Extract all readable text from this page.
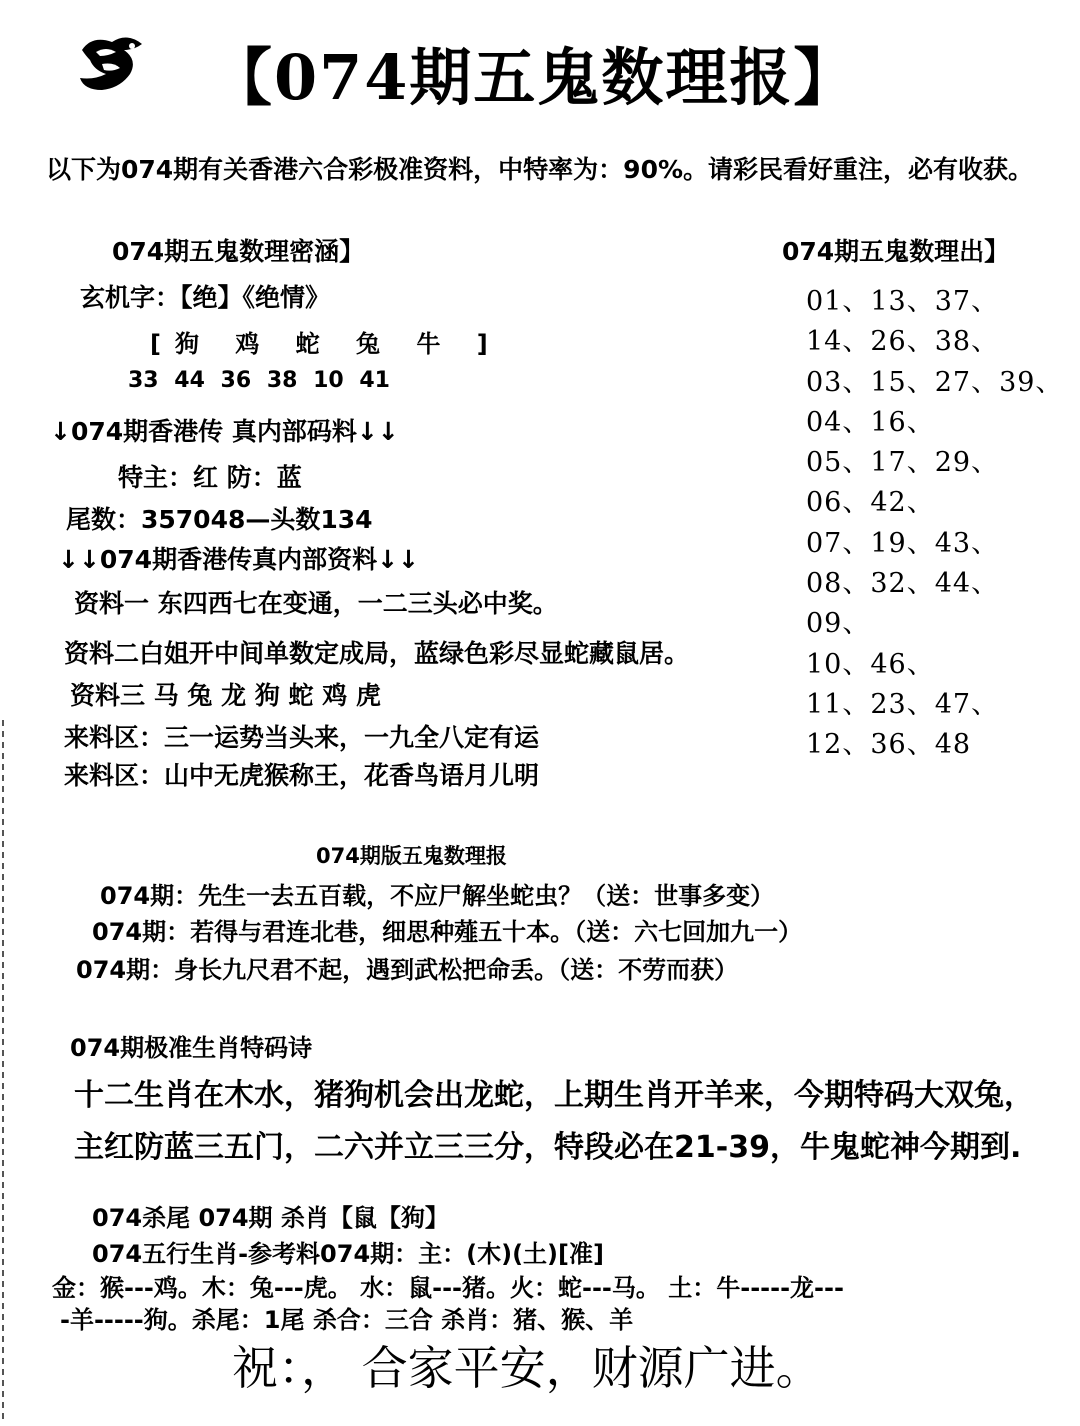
【074期五鬼数理报】
以下为074期有关香港六合彩极准资料，中特率为：90%。请彩民看好重注，必有收获。
074期五鬼数理密涵】
玄机字：【绝】《绝情》
[狗 鸡 蛇 兔 牛 ]
33 44 36 38 10 41
↓074期香港传 真内部码料↓↓
特主：红 防：蓝
尾数：357048—头数134
↓↓074期香港传真内部资料↓↓
资料一 东四西七在变通，一二三头必中奖。
资料二白姐开中间单数定成局，蓝绿色彩尽显蛇藏鼠居。
资料三 马 兔 龙 狗 蛇 鸡 虎
来料区：三一运势当头来，一九全八定有运
来料区：山中无虎猴称王，花香鸟语月儿明
074期五鬼数理出】
01、13、37、
14、26、38、
03、15、27、39、
04、16、
05、17、29、
06、42、
07、19、43、
08、32、44、
09、
10、46、
11、23、47、
12、36、48
074期版五鬼数理报
074期：先生一去五百载，不应尸解坐蛇虫？（送：世事多变）
074期：若得与君连北巷，细思种薤五十本。（送：六七回加九一）
074期：身长九尺君不起，遇到武松把命丢。（送：不劳而获）
074期极准生肖特码诗
十二生肖在木水，猪狗机会出龙蛇，上期生肖开羊来，今期特码大双兔，
主红防蓝三五门，二六并立三三分，特段必在21-39，牛鬼蛇神今期到.
074杀尾 074期 杀肖【鼠【狗】
074五行生肖-参考料074期：主：(木)(土)[准]
金：猴---鸡。木：兔---虎。 水：鼠---猪。火：蛇---马。 土：牛-----龙---
-羊-----狗。杀尾：1尾 杀合：三合 杀肖：猪、猴、羊
祝：， 合家平安，财源广进。
